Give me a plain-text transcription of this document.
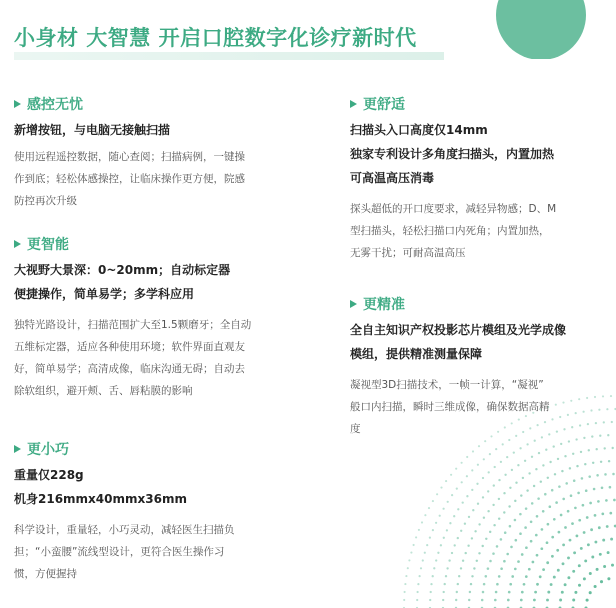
小身材 大智慧 开启口腔数字化诊疗新时代
感控无忧
新增按钮，与电脑无接触扫描
使用远程遥控数据，随心查阅；扫描病例，一键操
作到底；轻松体感操控，让临床操作更方便，院感
防控再次升级
更智能
大视野大景深：0~20mm；自动标定器
便捷操作，简单易学；多学科应用
独特光路设计，扫描范围扩大至1.5颗磨牙；全自动
五维标定器，适应各种使用环境；软件界面直观友
好，简单易学；高清成像，临床沟通无碍；自动去
除软组织，避开颊、舌、唇粘膜的影响
更小巧
重量仅228g
机身216mmx40mmx36mm
科学设计，重量轻，小巧灵动，减轻医生扫描负
担；“小蛮腰”流线型设计，更符合医生操作习
惯，方便握持
更舒适
扫描头入口高度仅14mm
独家专利设计多角度扫描头，内置加热
可高温高压消毒
探头超低的开口度要求，减轻异物感；D、M
型扫描头，轻松扫描口内死角；内置加热，
无雾干扰；可耐高温高压
更精准
全自主知识产权投影芯片模组及光学成像
模组，提供精准测量保障
凝视型3D扫描技术，一帧一计算，“凝视”
般口内扫描，瞬时三维成像，确保数据高精
度
